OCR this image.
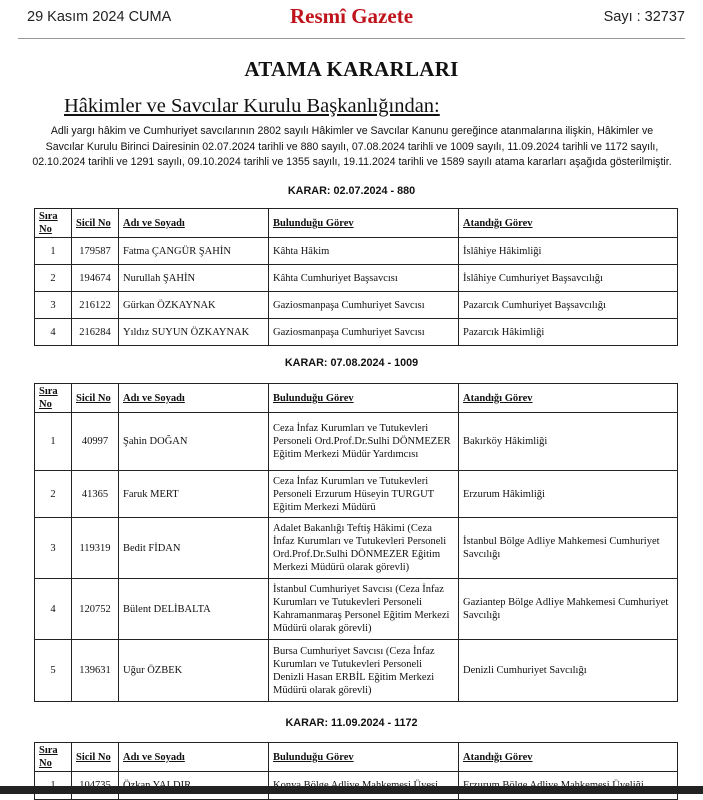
29 Kasım 2024 CUMA	Resmî Gazete	Sayı : 32737
ATAMA KARARLARI
Hâkimler ve Savcılar Kurulu Başkanlığından:
Adli yargı hâkim ve Cumhuriyet savcılarının 2802 sayılı Hâkimler ve Savcılar Kanunu gereğince atanmalarına ilişkin, Hâkimler ve
Savcılar Kurulu Birinci Dairesinin 02.07.2024 tarihli ve 880 sayılı, 07.08.2024 tarihli ve 1009 sayılı, 11.09.2024 tarihli ve 1172 sayılı,
02.10.2024 tarihli ve 1291 sayılı, 09.10.2024 tarihli ve 1355 sayılı, 19.11.2024 tarihli ve 1589 sayılı atama kararları aşağıda gösterilmiştir.
KARAR: 02.07.2024 - 880
Sıra No	Sicil No	Adı ve Soyadı	Bulunduğu Görev	Atandığı Görev
1	179587	Fatma ÇANGÜR ŞAHİN	Kâhta Hâkim	İslâhiye Hâkimliği
2	194674	Nurullah ŞAHİN	Kâhta Cumhuriyet Başsavcısı	İslâhiye Cumhuriyet Başsavcılığı
3	216122	Gürkan ÖZKAYNAK	Gaziosmanpaşa Cumhuriyet Savcısı	Pazarcık Cumhuriyet Başsavcılığı
4	216284	Yıldız SUYUN ÖZKAYNAK	Gaziosmanpaşa Cumhuriyet Savcısı	Pazarcık Hâkimliği
KARAR: 07.08.2024 - 1009
Sıra No	Sicil No	Adı ve Soyadı	Bulunduğu Görev	Atandığı Görev
1	40997	Şahin DOĞAN	Ceza İnfaz Kurumları ve Tutukevleri Personeli Ord.Prof.Dr.Sulhi DÖNMEZER Eğitim Merkezi Müdür Yardımcısı	Bakırköy Hâkimliği
2	41365	Faruk MERT	Ceza İnfaz Kurumları ve Tutukevleri Personeli Erzurum Hüseyin TURGUT Eğitim Merkezi Müdürü	Erzurum Hâkimliği
3	119319	Bedit FİDAN	Adalet Bakanlığı Teftiş Hâkimi (Ceza İnfaz Kurumları ve Tutukevleri Personeli Ord.Prof.Dr.Sulhi DÖNMEZER Eğitim Merkezi Müdürü olarak görevli)	İstanbul Bölge Adliye Mahkemesi Cumhuriyet Savcılığı
4	120752	Bülent DELİBALTA	İstanbul Cumhuriyet Savcısı (Ceza İnfaz Kurumları ve Tutukevleri Personeli Kahramanmaraş Personel Eğitim Merkezi Müdürü olarak görevli)	Gaziantep Bölge Adliye Mahkemesi Cumhuriyet Savcılığı
5	139631	Uğur ÖZBEK	Bursa Cumhuriyet Savcısı (Ceza İnfaz Kurumları ve Tutukevleri Personeli Denizli Hasan ERBİL Eğitim Merkezi Müdürü olarak görevli)	Denizli Cumhuriyet Savcılığı
KARAR: 11.09.2024 - 1172
Sıra No	Sicil No	Adı ve Soyadı	Bulunduğu Görev	Atandığı Görev
